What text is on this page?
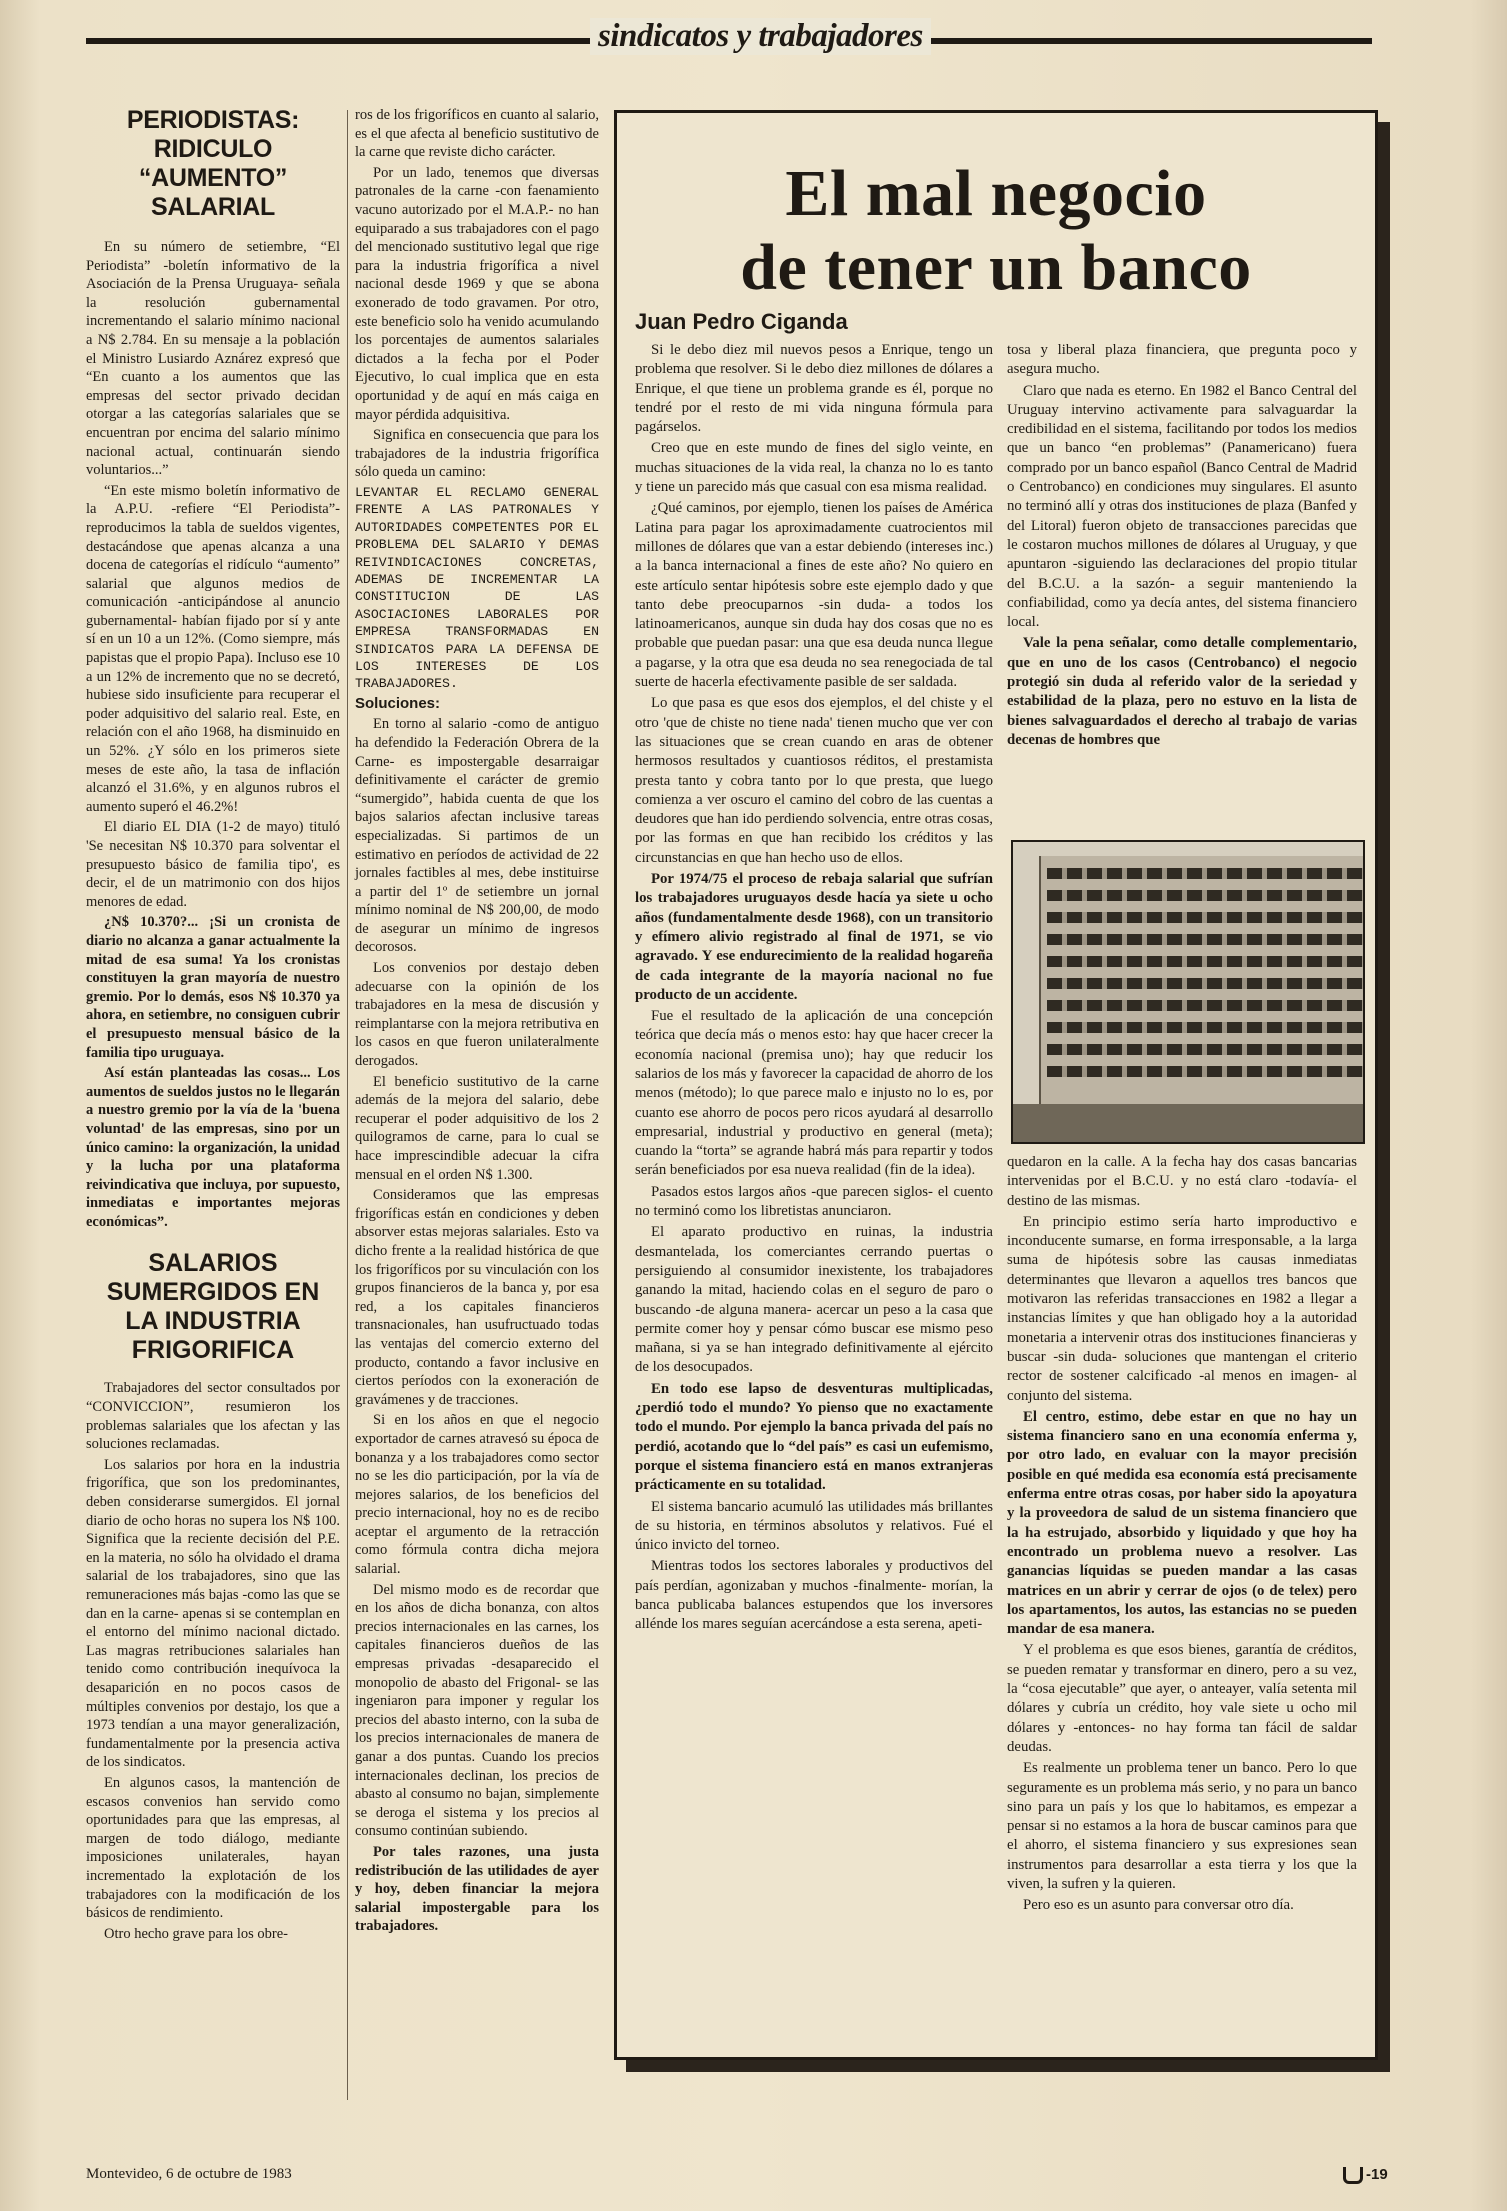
sindicatos y trabajadores
PERIODISTAS:
RIDICULO
“AUMENTO”
SALARIAL

En su número de setiembre, “El Periodista” -boletín informativo de la Asociación de la Prensa Uruguaya- señala la resolución gubernamental incrementando el salario mínimo nacional a N$ 2.784. En su mensaje a la población el Ministro Lusiardo Aznárez expresó que “En cuanto a los aumentos que las empresas del sector privado decidan otorgar a las categorías salariales que se encuentran por encima del salario mínimo nacional actual, continuarán siendo voluntarios...”

“En este mismo boletín informativo de la A.P.U. -refiere “El Periodista”- reproducimos la tabla de sueldos vigentes, destacándose que apenas alcanza a una docena de categorías el ridículo “aumento” salarial que algunos medios de comunicación -anticipándose al anuncio gubernamental- habían fijado por sí y ante sí en un 10 a un 12%. (Como siempre, más papistas que el propio Papa). Incluso ese 10 a un 12% de incremento que no se decretó, hubiese sido insuficiente para recuperar el poder adquisitivo del salario real. Este, en relación con el año 1968, ha disminuido en un 52%. ¿Y sólo en los primeros siete meses de este año, la tasa de inflación alcanzó el 31.6%, y en algunos rubros el aumento superó el 46.2%!

El diario EL DIA (1-2 de mayo) tituló 'Se necesitan N$ 10.370 para solventar el presupuesto básico de familia tipo', es decir, el de un matrimonio con dos hijos menores de edad.

¿N$ 10.370?... ¡Si un cronista de diario no alcanza a ganar actualmente la mitad de esa suma! Ya los cronistas constituyen la gran mayoría de nuestro gremio. Por lo demás, esos N$ 10.370 ya ahora, en setiembre, no consiguen cubrir el presupuesto mensual básico de la familia tipo uruguaya.

Así están planteadas las cosas... Los aumentos de sueldos justos no le llegarán a nuestro gremio por la vía de la 'buena voluntad' de las empresas, sino por un único camino: la organización, la unidad y la lucha por una plataforma reivindicativa que incluya, por supuesto, inmediatas e importantes mejoras económicas”.

SALARIOS
SUMERGIDOS EN
LA INDUSTRIA
FRIGORIFICA

Trabajadores del sector consultados por “CONVICCION”, resumieron los problemas salariales que los afectan y las soluciones reclamadas.

Los salarios por hora en la industria frigorífica, que son los predominantes, deben considerarse sumergidos. El jornal diario de ocho horas no supera los N$ 100. Significa que la reciente decisión del P.E. en la materia, no sólo ha olvidado el drama salarial de los trabajadores, sino que las remuneraciones más bajas -como las que se dan en la carne- apenas si se contemplan en el entorno del mínimo nacional dictado. Las magras retribuciones salariales han tenido como contribución inequívoca la desaparición en no pocos casos de múltiples convenios por destajo, los que a 1973 tendían a una mayor generalización, fundamentalmente por la presencia activa de los sindicatos.

En algunos casos, la mantención de escasos convenios han servido como oportunidades para que las empresas, al margen de todo diálogo, mediante imposiciones unilaterales, hayan incrementado la explotación de los trabajadores con la modificación de los básicos de rendimiento.

Otro hecho grave para los obre-

ros de los frigoríficos en cuanto al salario, es el que afecta al beneficio sustitutivo de la carne que reviste dicho carácter.

Por un lado, tenemos que diversas patronales de la carne -con faenamiento vacuno autorizado por el M.A.P.- no han equiparado a sus trabajadores con el pago del mencionado sustitutivo legal que rige para la industria frigorífica a nivel nacional desde 1969 y que se abona exonerado de todo gravamen. Por otro, este beneficio solo ha venido acumulando los porcentajes de aumentos salariales dictados a la fecha por el Poder Ejecutivo, lo cual implica que en esta oportunidad y de aquí en más caiga en mayor pérdida adquisitiva.

Significa en consecuencia que para los trabajadores de la industria frigorífica sólo queda un camino:

LEVANTAR EL RECLAMO GENERAL FRENTE A LAS PATRONALES Y AUTORIDADES COMPETENTES POR EL PROBLEMA DEL SALARIO Y DEMAS REIVINDICACIONES CONCRETAS, ADEMAS DE INCREMENTAR LA CONSTITUCION DE LAS ASOCIACIONES LABORALES POR EMPRESA TRANSFORMADAS EN SINDICATOS PARA LA DEFENSA DE LOS INTERESES DE LOS TRABAJADORES.

Soluciones:

En torno al salario -como de antiguo ha defendido la Federación Obrera de la Carne- es impostergable desarraigar definitivamente el carácter de gremio “sumergido”, habida cuenta de que los bajos salarios afectan inclusive tareas especializadas. Si partimos de un estimativo en períodos de actividad de 22 jornales factibles al mes, debe instituirse a partir del 1º de setiembre un jornal mínimo nominal de N$ 200,00, de modo de asegurar un mínimo de ingresos decorosos.

Los convenios por destajo deben adecuarse con la opinión de los trabajadores en la mesa de discusión y reimplantarse con la mejora retributiva en los casos en que fueron unilateralmente derogados.

El beneficio sustitutivo de la carne además de la mejora del salario, debe recuperar el poder adquisitivo de los 2 quilogramos de carne, para lo cual se hace imprescindible adecuar la cifra mensual en el orden N$ 1.300.

Consideramos que las empresas frigoríficas están en condiciones y deben absorver estas mejoras salariales. Esto va dicho frente a la realidad histórica de que los frigoríficos por su vinculación con los grupos financieros de la banca y, por esa red, a los capitales financieros transnacionales, han usufructuado todas las ventajas del comercio externo del producto, contando a favor inclusive en ciertos períodos con la exoneración de gravámenes y de tracciones.

Si en los años en que el negocio exportador de carnes atravesó su época de bonanza y a los trabajadores como sector no se les dio participación, por la vía de mejores salarios, de los beneficios del precio internacional, hoy no es de recibo aceptar el argumento de la retracción como fórmula contra dicha mejora salarial.

Del mismo modo es de recordar que en los años de dicha bonanza, con altos precios internacionales en las carnes, los capitales financieros dueños de las empresas privadas -desaparecido el monopolio de abasto del Frigonal- se las ingeniaron para imponer y regular los precios del abasto interno, con la suba de los precios internacionales de manera de ganar a dos puntas. Cuando los precios internacionales declinan, los precios de abasto al consumo no bajan, simplemente se deroga el sistema y los precios al consumo continúan subiendo.

Por tales razones, una justa redistribución de las utilidades de ayer y hoy, deben financiar la mejora salarial impostergable para los trabajadores.

El mal negocio
de tener un banco
Juan Pedro Ciganda

Si le debo diez mil nuevos pesos a Enrique, tengo un problema que resolver. Si le debo diez millones de dólares a Enrique, el que tiene un problema grande es él, porque no tendré por el resto de mi vida ninguna fórmula para pagárselos.

Creo que en este mundo de fines del siglo veinte, en muchas situaciones de la vida real, la chanza no lo es tanto y tiene un parecido más que casual con esa misma realidad.

¿Qué caminos, por ejemplo, tienen los países de América Latina para pagar los aproximadamente cuatrocientos mil millones de dólares que van a estar debiendo (intereses inc.) a la banca internacional a fines de este año? No quiero en este artículo sentar hipótesis sobre este ejemplo dado y que tanto debe preocuparnos -sin duda- a todos los latinoamericanos, aunque sin duda hay dos cosas que no es probable que puedan pasar: una que esa deuda nunca llegue a pagarse, y la otra que esa deuda no sea renegociada de tal suerte de hacerla efectivamente pasible de ser saldada.

Lo que pasa es que esos dos ejemplos, el del chiste y el otro 'que de chiste no tiene nada' tienen mucho que ver con las situaciones que se crean cuando en aras de obtener hermosos resultados y cuantiosos réditos, el prestamista presta tanto y cobra tanto por lo que presta, que luego comienza a ver oscuro el camino del cobro de las cuentas a deudores que han ido perdiendo solvencia, entre otras cosas, por las formas en que han recibido los créditos y las circunstancias en que han hecho uso de ellos.

Por 1974/75 el proceso de rebaja salarial que sufrían los trabajadores uruguayos desde hacía ya siete u ocho años (fundamentalmente desde 1968), con un transitorio y efímero alivio registrado al final de 1971, se vio agravado. Y ese endurecimiento de la realidad hogareña de cada integrante de la mayoría nacional no fue producto de un accidente.

Fue el resultado de la aplicación de una concepción teórica que decía más o menos esto: hay que hacer crecer la economía nacional (premisa uno); hay que reducir los salarios de los más y favorecer la capacidad de ahorro de los menos (método); lo que parece malo e injusto no lo es, por cuanto ese ahorro de pocos pero ricos ayudará al desarrollo empresarial, industrial y productivo en general (meta); cuando la “torta” se agrande habrá más para repartir y todos serán beneficiados por esa nueva realidad (fin de la idea).

Pasados estos largos años -que parecen siglos- el cuento no terminó como los libretistas anunciaron.

El aparato productivo en ruinas, la industria desmantelada, los comerciantes cerrando puertas o persiguiendo al consumidor inexistente, los trabajadores ganando la mitad, haciendo colas en el seguro de paro o buscando -de alguna manera- acercar un peso a la casa que permite comer hoy y pensar cómo buscar ese mismo peso mañana, si ya se han integrado definitivamente al ejército de los desocupados.

En todo ese lapso de desventuras multiplicadas, ¿perdió todo el mundo? Yo pienso que no exactamente todo el mundo. Por ejemplo la banca privada del país no perdió, acotando que lo “del país” es casi un eufemismo, porque el sistema financiero está en manos extranjeras prácticamente en su totalidad.

El sistema bancario acumuló las utilidades más brillantes de su historia, en términos absolutos y relativos. Fué el único invicto del torneo.

Mientras todos los sectores laborales y productivos del país perdían, agonizaban y muchos -finalmente- morían, la banca publicaba balances estupendos que los inversores allénde los mares seguían acercándose a esta serena, apeti-

tosa y liberal plaza financiera, que pregunta poco y asegura mucho.

Claro que nada es eterno. En 1982 el Banco Central del Uruguay intervino activamente para salvaguardar la credibilidad en el sistema, facilitando por todos los medios que un banco “en problemas” (Panamericano) fuera comprado por un banco español (Banco Central de Madrid o Centrobanco) en condiciones muy singulares. El asunto no terminó allí y otras dos instituciones de plaza (Banfed y del Litoral) fueron objeto de transacciones parecidas que le costaron muchos millones de dólares al Uruguay, y que apuntaron -siguiendo las declaraciones del propio titular del B.C.U. a la sazón- a seguir manteniendo la confiabilidad, como ya decía antes, del sistema financiero local.

Vale la pena señalar, como detalle complementario, que en uno de los casos (Centrobanco) el negocio protegió sin duda al referido valor de la seriedad y estabilidad de la plaza, pero no estuvo en la lista de bienes salvaguardados el derecho al trabajo de varias decenas de hombres que

quedaron en la calle. A la fecha hay dos casas bancarias intervenidas por el B.C.U. y no está claro -todavía- el destino de las mismas.

En principio estimo sería harto improductivo e inconducente sumarse, en forma irresponsable, a la larga suma de hipótesis sobre las causas inmediatas determinantes que llevaron a aquellos tres bancos que motivaron las referidas transacciones en 1982 a llegar a instancias límites y que han obligado hoy a la autoridad monetaria a intervenir otras dos instituciones financieras y buscar -sin duda- soluciones que mantengan el criterio rector de sostener calcificado -al menos en imagen- al conjunto del sistema.

El centro, estimo, debe estar en que no hay un sistema financiero sano en una economía enferma y, por otro lado, en evaluar con la mayor precisión posible en qué medida esa economía está precisamente enferma entre otras cosas, por haber sido la apoyatura y la proveedora de salud de un sistema financiero que la ha estrujado, absorbido y liquidado y que hoy ha encontrado un problema nuevo a resolver. Las ganancias líquidas se pueden mandar a las casas matrices en un abrir y cerrar de ojos (o de telex) pero los apartamentos, los autos, las estancias no se pueden mandar de esa manera.

Y el problema es que esos bienes, garantía de créditos, se pueden rematar y transformar en dinero, pero a su vez, la “cosa ejecutable” que ayer, o anteayer, valía setenta mil dólares y cubría un crédito, hoy vale siete u ocho mil dólares y -entonces- no hay forma tan fácil de saldar deudas.

Es realmente un problema tener un banco. Pero lo que seguramente es un problema más serio, y no para un banco sino para un país y los que lo habitamos, es empezar a pensar si no estamos a la hora de buscar caminos para que el ahorro, el sistema financiero y sus expresiones sean instrumentos para desarrollar a esta tierra y los que la viven, la sufren y la quieren.

Pero eso es un asunto para conversar otro día.

Montevideo, 6 de octubre de 1983	-19
